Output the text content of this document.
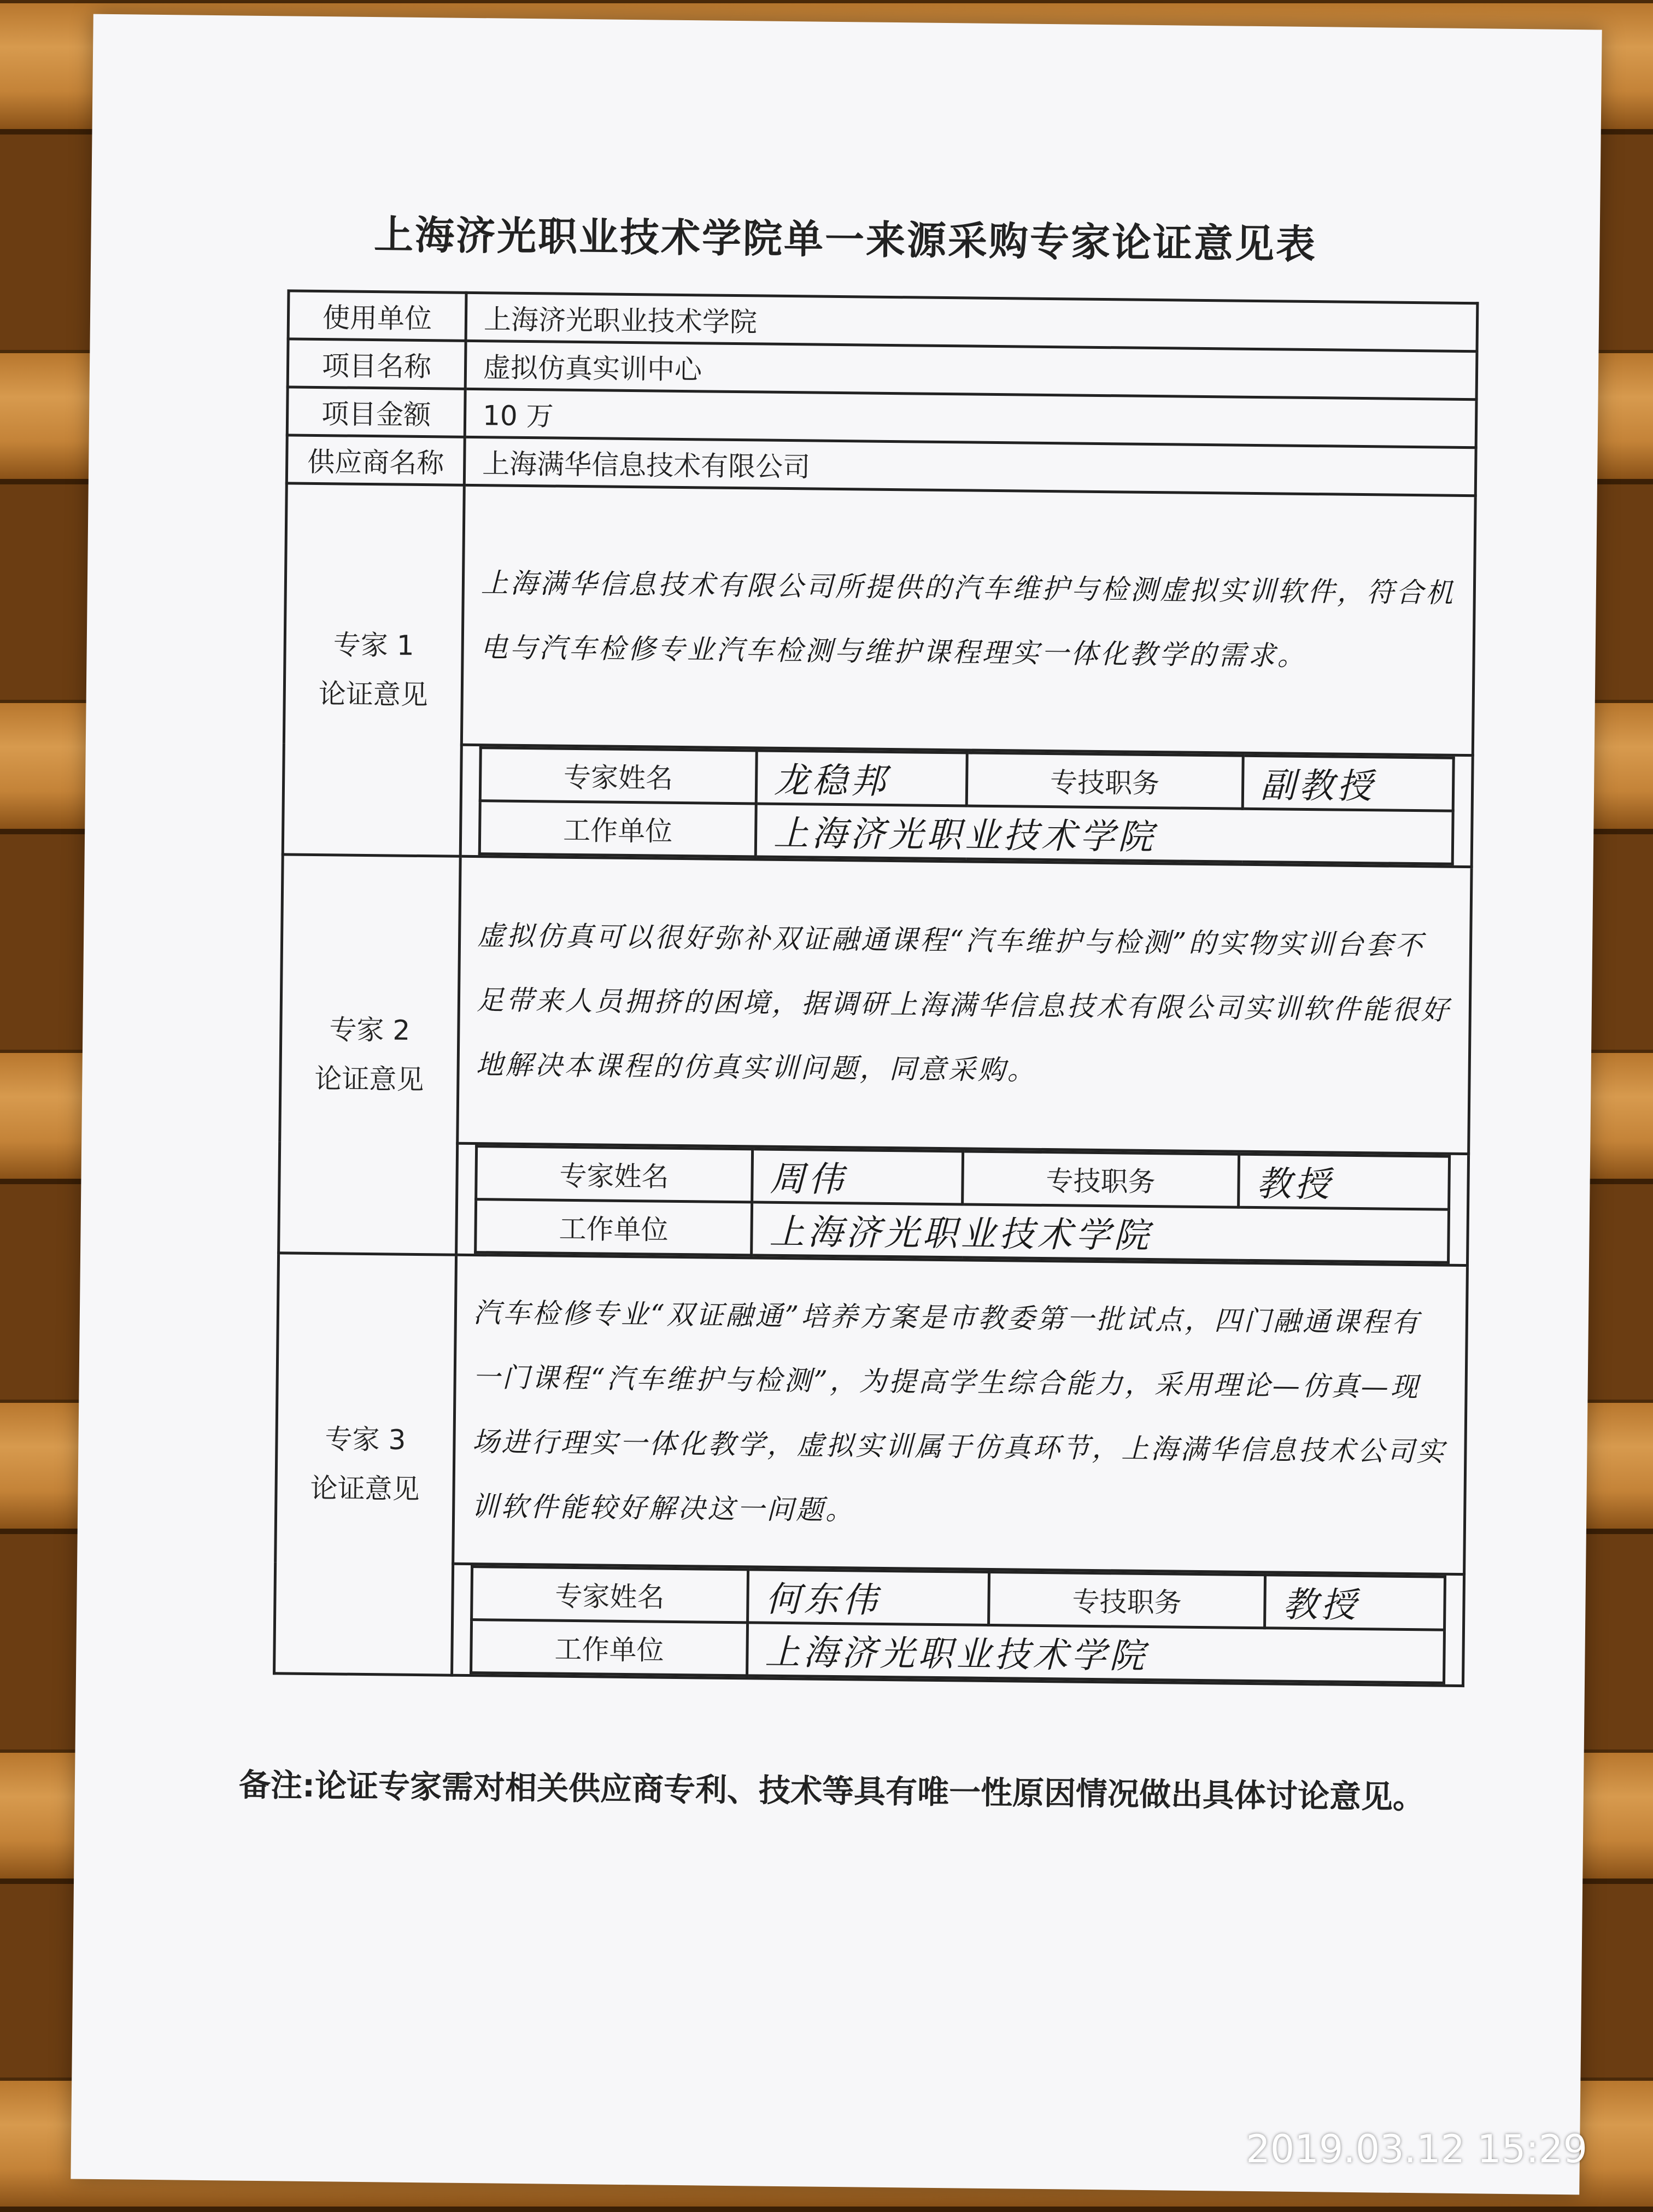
上海济光职业技术学院单一来源采购专家论证意见表
使用单位	上海济光职业技术学院
项目名称	虚拟仿真实训中心
项目金额	10 万
供应商名称	上海满华信息技术有限公司

专家 1
论证意见
	上海满华信息技术有限公司所提供的汽车维护与检测虚拟实训软件，符合机电与汽车检修专业汽车检测与维护课程理实一体化教学的需求。

专家姓名	龙稳邦	专技职务	副教授
工作单位	上海济光职业技术学院

专家 2
论证意见
	虚拟仿真可以很好弥补双证融通课程“汽车维护与检测”的实物实训台套不足带来人员拥挤的困境，据调研上海满华信息技术有限公司实训软件能很好地解决本课程的仿真实训问题，同意采购。

专家姓名	周伟	专技职务	教授
工作单位	上海济光职业技术学院

专家 3
论证意见
	汽车检修专业“双证融通”培养方案是市教委第一批试点，四门融通课程有一门课程“汽车维护与检测”，为提高学生综合能力，采用理论—仿真—现场进行理实一体化教学，虚拟实训属于仿真环节，上海满华信息技术公司实训软件能较好解决这一问题。

专家姓名	何东伟	专技职务	教授
工作单位	上海济光职业技术学院
备注:论证专家需对相关供应商专利、技术等具有唯一性原因情况做出具体讨论意见。
2019.03.12 15:29
